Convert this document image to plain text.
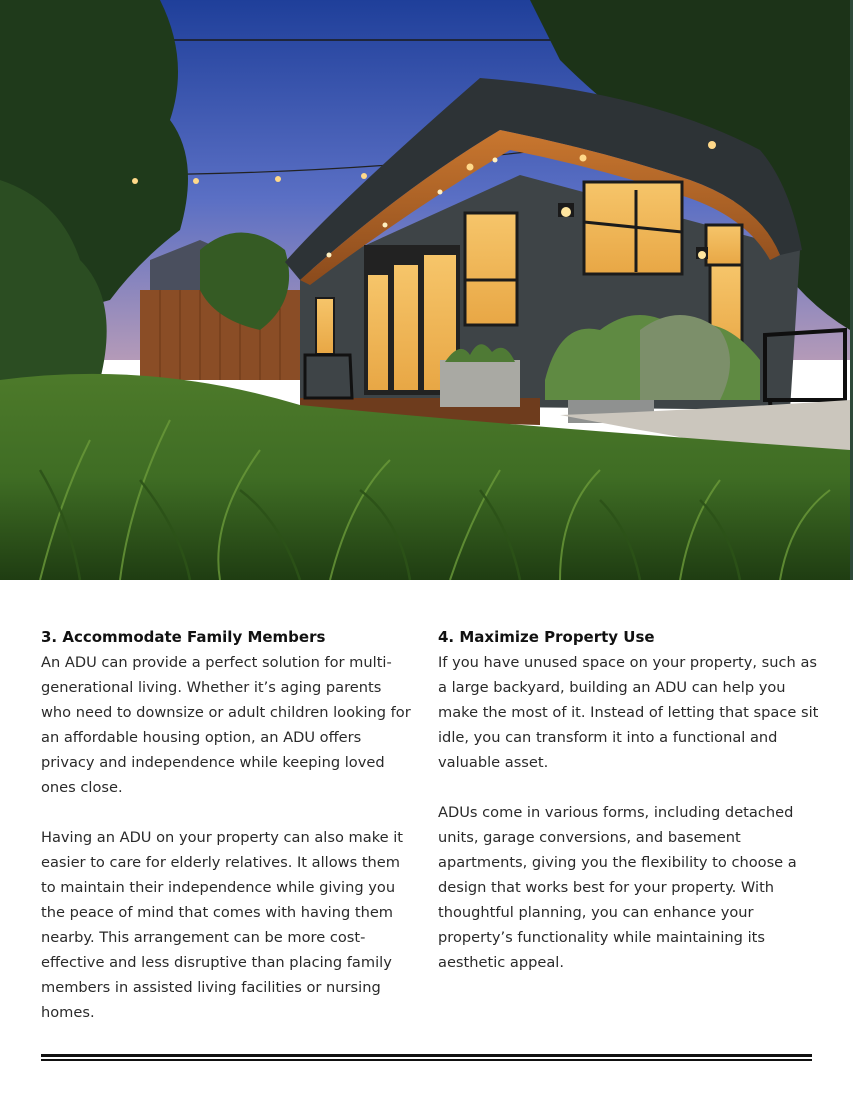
3. Accommodate Family Members

An ADU can provide a perfect solution for multi-generational living. Whether it’s aging parents who need to downsize or adult children looking for an affordable housing option, an ADU offers privacy and independence while keeping loved ones close.

Having an ADU on your property can also make it easier to care for elderly relatives. It allows them to maintain their independence while giving you the peace of mind that comes with having them nearby. This arrangement can be more cost-effective and less disruptive than placing family members in assisted living facilities or nursing homes.

4. Maximize Property Use

If you have unused space on your property, such as a large backyard, building an ADU can help you make the most of it. Instead of letting that space sit idle, you can transform it into a functional and valuable asset.

ADUs come in various forms, including detached units, garage conversions, and basement apartments, giving you the flexibility to choose a design that works best for your property. With thoughtful planning, you can enhance your property’s functionality while maintaining its aesthetic appeal.
